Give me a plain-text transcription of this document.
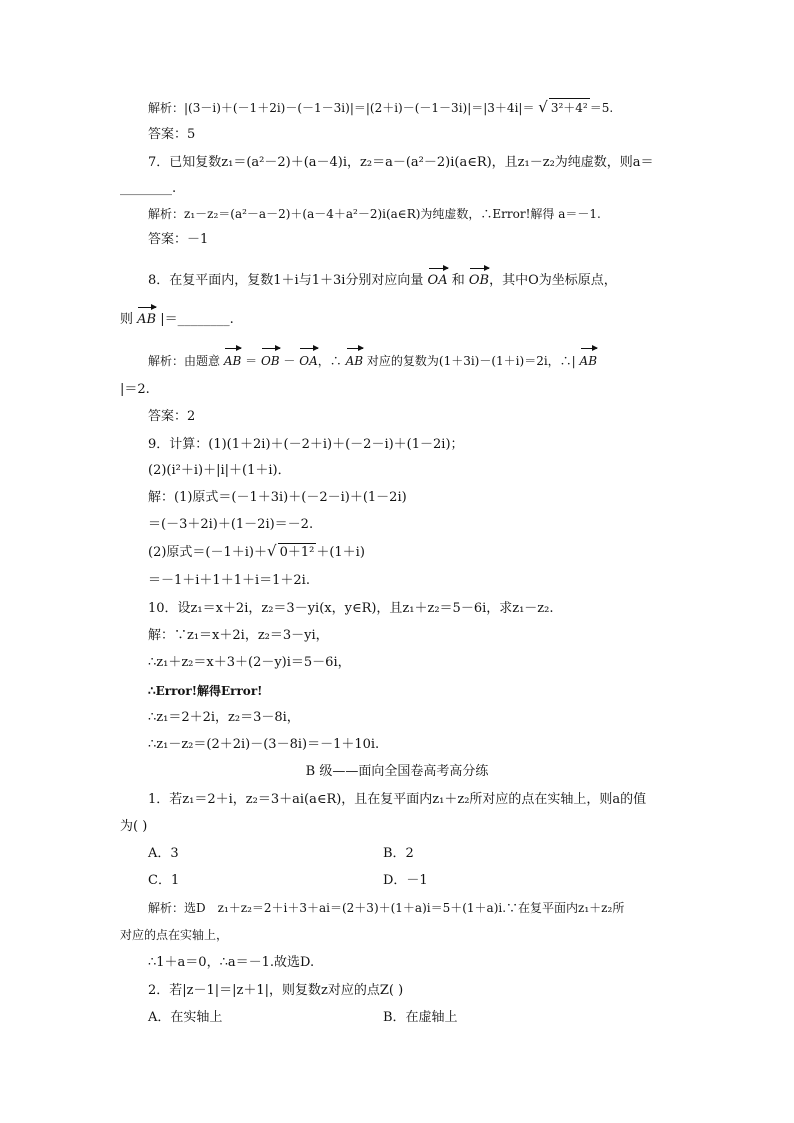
解析：|(3－i)＋(－1＋2i)－(－1－3i)|＝|(2＋i)－(－1－3i)|＝|3＋4i|＝ √ 3²＋4² ＝5.
答案：5
7．已知复数z₁＝(a²－2)＋(a－4)i，z₂＝a－(a²－2)i(a∈R)，且z₁－z₂为纯虚数，则a＝
________.
解析：z₁－z₂＝(a²－a－2)＋(a－4＋a²－2)i(a∈R)为纯虚数，∴Error!解得 a＝－1.
答案：－1
8．在复平面内，复数1＋i与1＋3i分别对应向量 OA 和 OB，其中O为坐标原点，
则 AB |＝________.
解析：由题意 AB ＝ OB － OA，∴ AB 对应的复数为(1＋3i)－(1＋i)＝2i，∴| AB
|＝2.
答案：2
9．计算：(1)(1＋2i)＋(－2＋i)＋(－2－i)＋(1－2i)；
(2)(i²＋i)＋|i|＋(1＋i)．
解：(1)原式＝(－1＋3i)＋(－2－i)＋(1－2i)
＝(－3＋2i)＋(1－2i)＝－2.
(2)原式＝(－1＋i)＋√ 0＋1² ＋(1＋i)
＝－1＋i＋1＋1＋i＝1＋2i.
10．设z₁＝x＋2i，z₂＝3－yi(x，y∈R)，且z₁＋z₂＝5－6i，求z₁－z₂.
解：∵z₁＝x＋2i，z₂＝3－yi，
∴z₁＋z₂＝x＋3＋(2－y)i＝5－6i，
∴Error!解得Error!
∴z₁＝2＋2i，z₂＝3－8i，
∴z₁－z₂＝(2＋2i)－(3－8i)＝－1＋10i.
B 级——面向全国卷高考高分练
1．若z₁＝2＋i，z₂＝3＋ai(a∈R)，且在复平面内z₁＋z₂所对应的点在实轴上，则a的值
为( )
A．3	B．2
C．1	D．－1
解析：选D　z₁＋z₂＝2＋i＋3＋ai＝(2＋3)＋(1＋a)i＝5＋(1＋a)i.∵在复平面内z₁＋z₂所
对应的点在实轴上，
∴1＋a＝0，∴a＝－1.故选D.
2．若|z－1|＝|z＋1|，则复数z对应的点Z( )
A．在实轴上	B．在虚轴上
